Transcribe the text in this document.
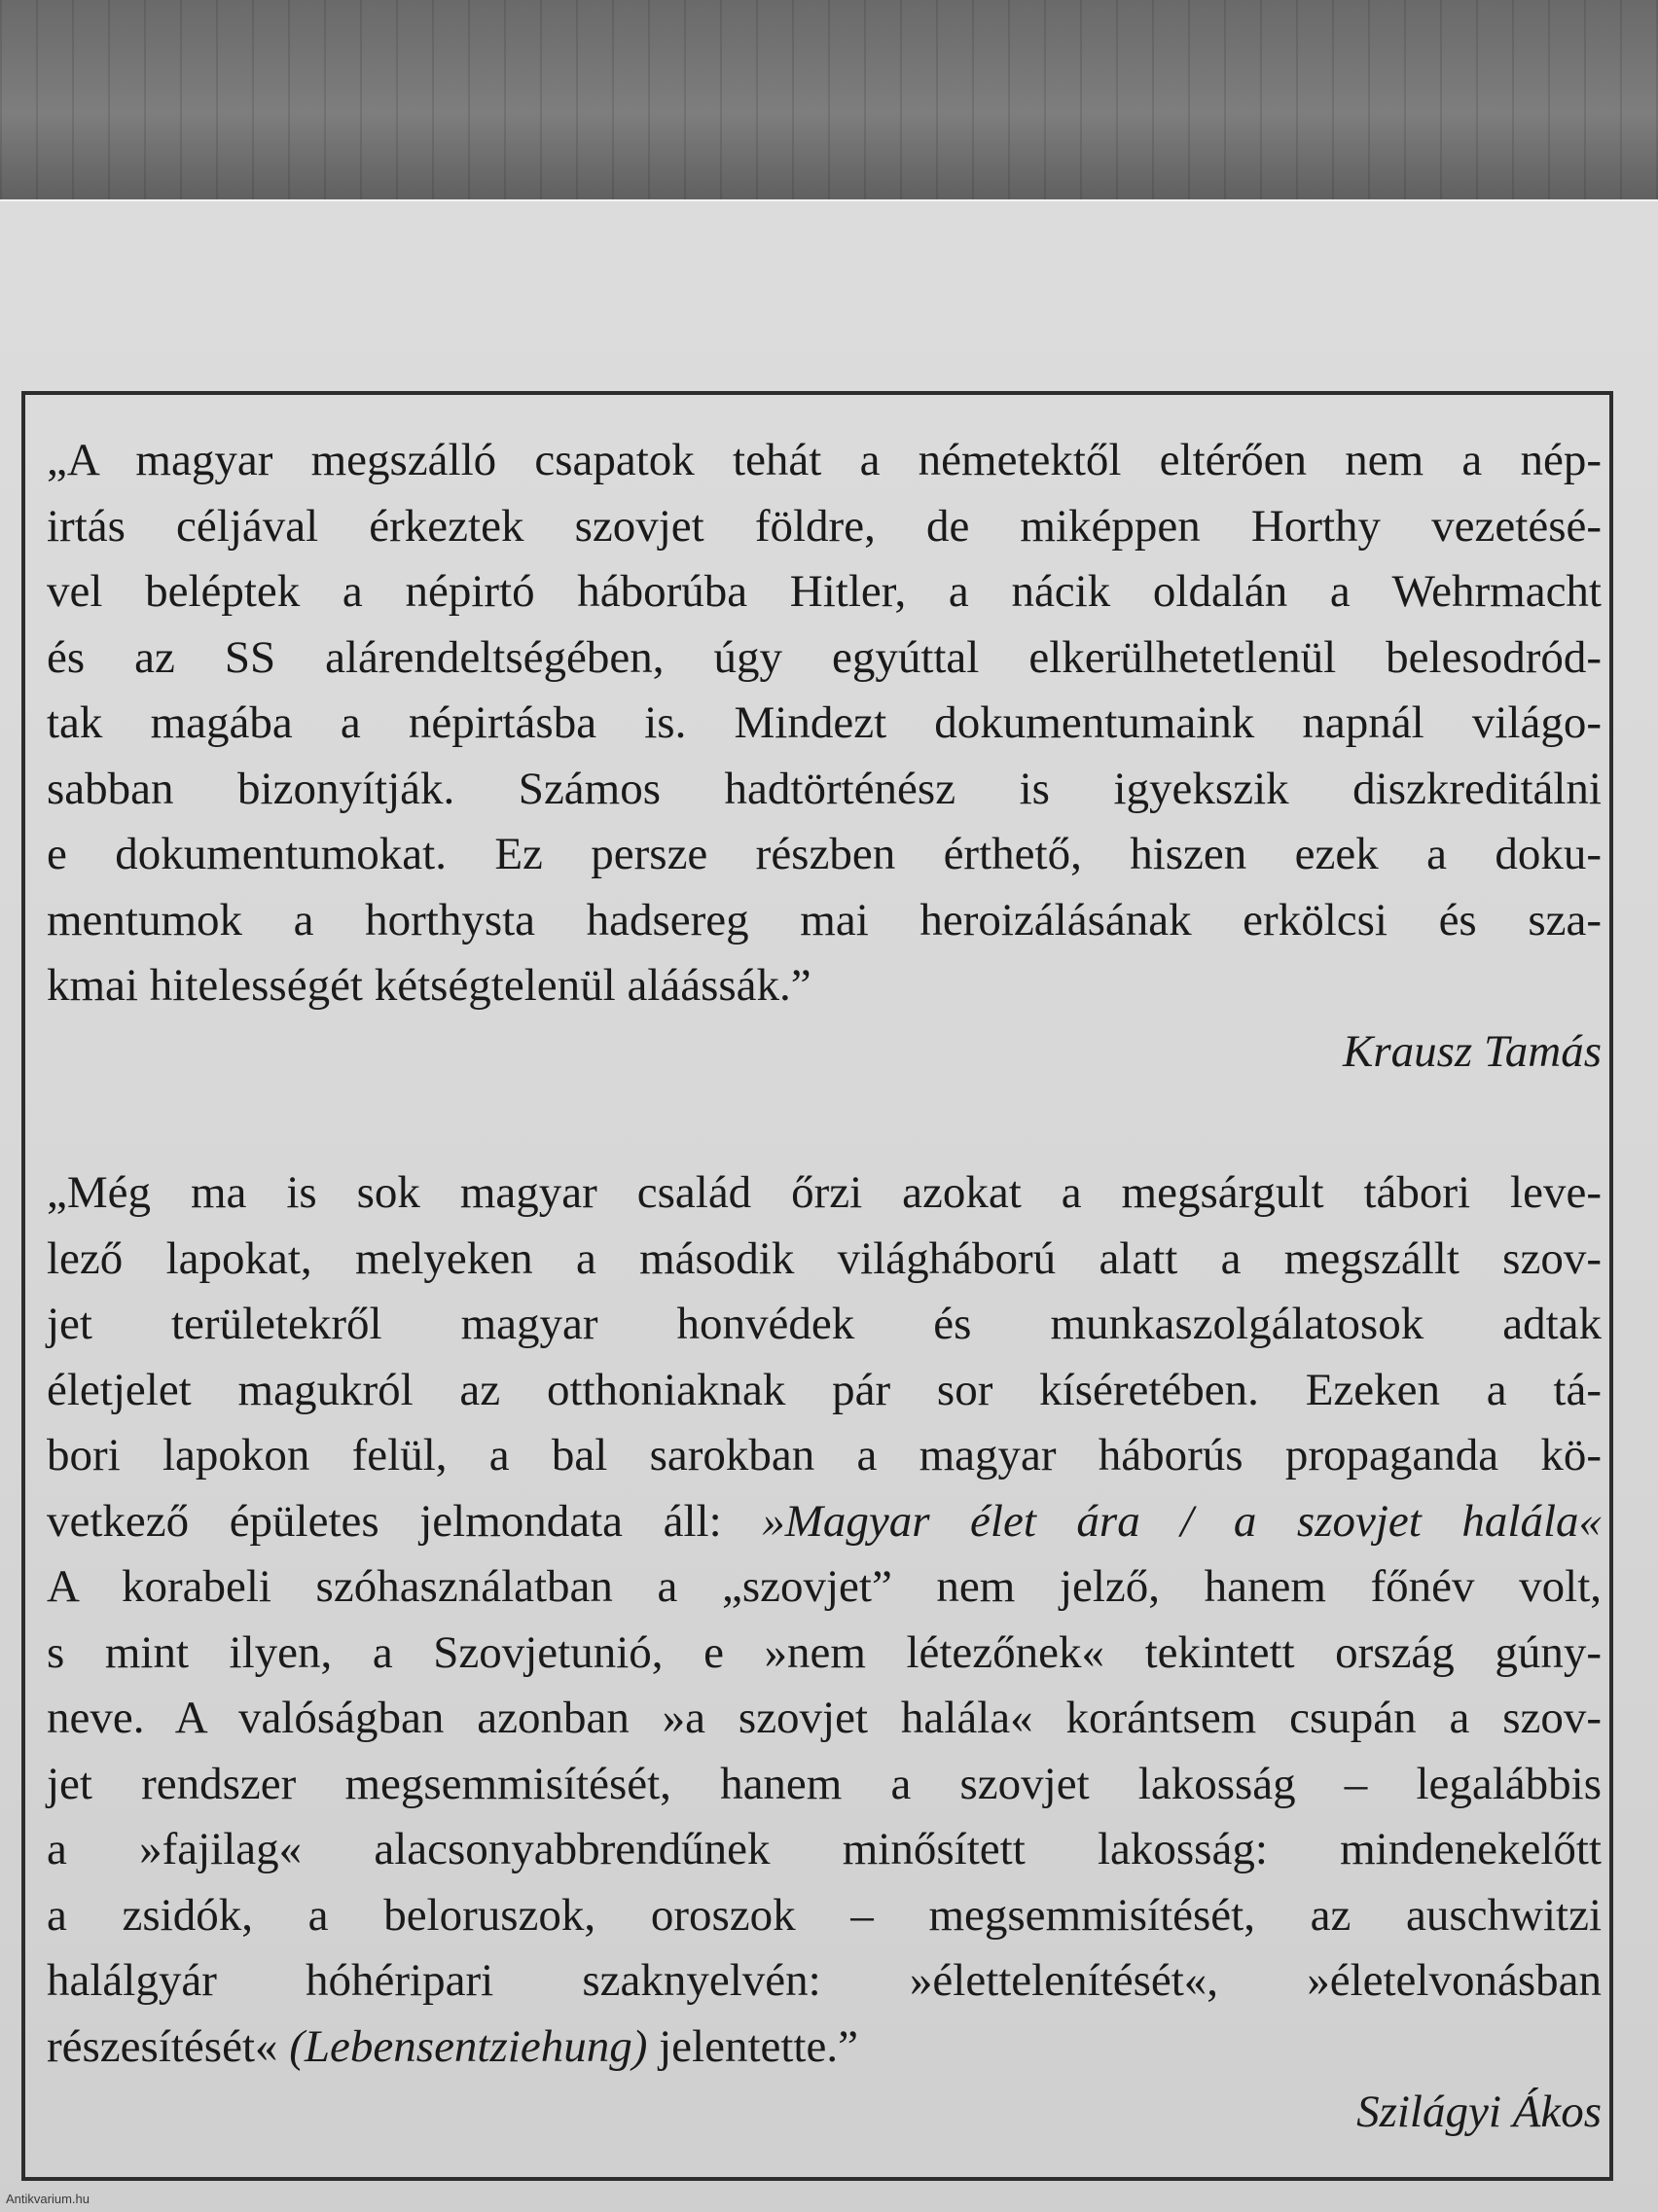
„A magyar megszálló csapatok tehát a németektől eltérően nem a nép-
irtás céljával érkeztek szovjet földre, de miképpen Horthy vezetésé-
vel beléptek a népirtó háborúba Hitler, a nácik oldalán a Wehrmacht
és az SS alárendeltségében, úgy egyúttal elkerülhetetlenül belesodród-
tak magába a népirtásba is. Mindezt dokumentumaink napnál világo-
sabban bizonyítják. Számos hadtörténész is igyekszik diszkreditálni
e dokumentumokat. Ez persze részben érthető, hiszen ezek a doku-
mentumok a horthysta hadsereg mai heroizálásának erkölcsi és sza-
kmai hitelességét kétségtelenül aláássák.”

Krausz Tamás

„Még ma is sok magyar család őrzi azokat a megsárgult tábori leve-
lező lapokat, melyeken a második világháború alatt a megszállt szov-
jet területekről magyar honvédek és munkaszolgálatosok adtak
életjelet magukról az otthoniaknak pár sor kíséretében. Ezeken a tá-
bori lapokon felül, a bal sarokban a magyar háborús propaganda kö-
vetkező épületes jelmondata áll: »Magyar élet ára / a szovjet halála«
A korabeli szóhasználatban a „szovjet” nem jelző, hanem főnév volt,
s mint ilyen, a Szovjetunió, e »nem létezőnek« tekintett ország gúny-
neve. A valóságban azonban »a szovjet halála« korántsem csupán a szov-
jet rendszer megsemmisítését, hanem a szovjet lakosság – legalábbis
a »fajilag« alacsonyabbrendűnek minősített lakosság: mindenekelőtt
a zsidók, a beloruszok, oroszok – megsemmisítését, az auschwitzi
halálgyár hóhéripari szaknyelvén: »élettelenítését«, »életelvonásban
részesítését« (Lebensentziehung) jelentette.”

Szilágyi Ákos

Antikvarium.hu
